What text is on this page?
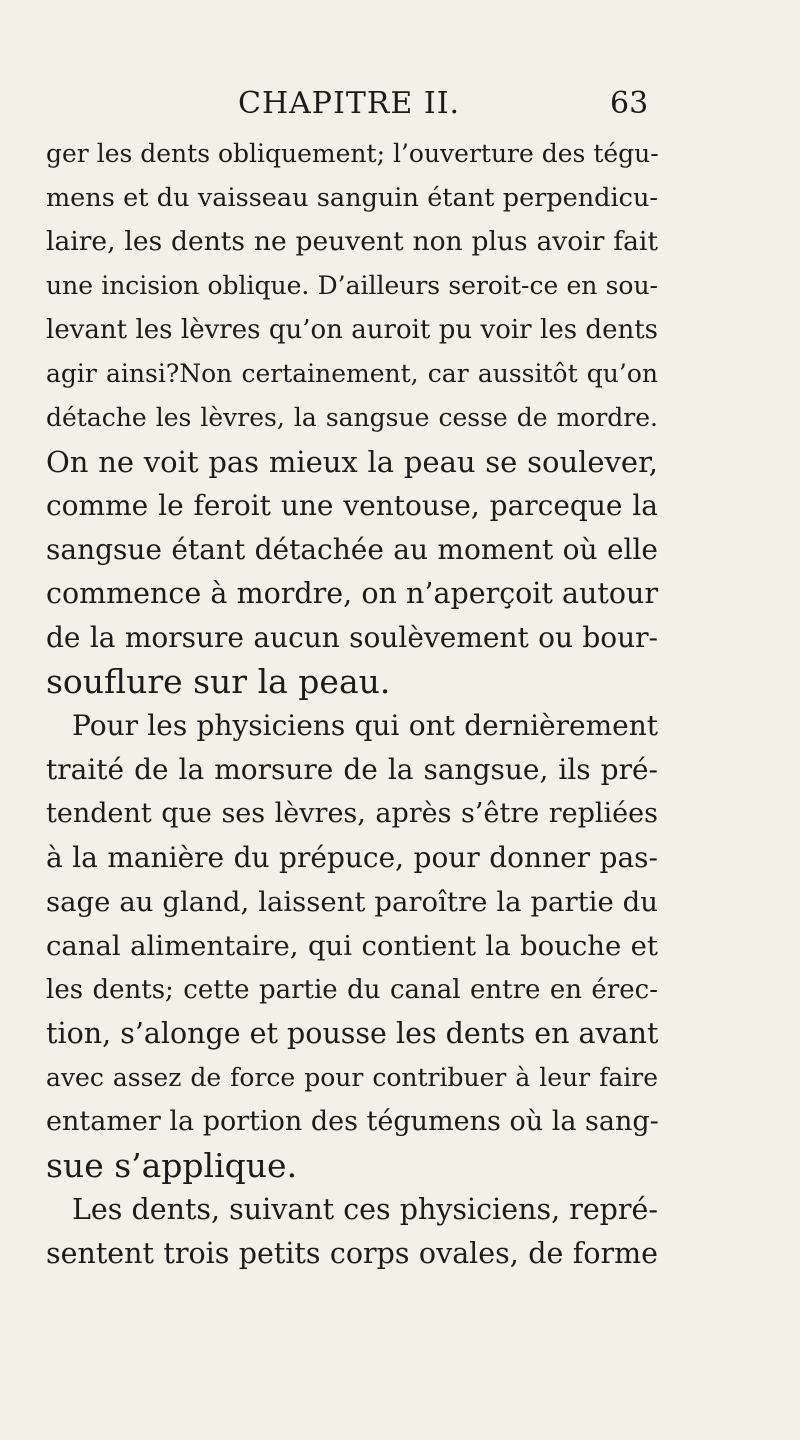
CHAPITRE II.	63
ger les dents obliquement; l’ouverture des tégu-
mens et du vaisseau sanguin étant perpendicu-
laire, les dents ne peuvent non plus avoir fait
une incision oblique. D’ailleurs seroit-ce en sou-
levant les lèvres qu’on auroit pu voir les dents
agir ainsi?Non certainement, car aussitôt qu’on
détache les lèvres, la sangsue cesse de mordre.
On ne voit pas mieux la peau se soulever,
comme le feroit une ventouse, parceque la
sangsue étant détachée au moment où elle
commence à mordre, on n’aperçoit autour
de la morsure aucun soulèvement ou bour-
souflure sur la peau.
Pour les physiciens qui ont dernièrement
traité de la morsure de la sangsue, ils pré-
tendent que ses lèvres, après s’être repliées
à la manière du prépuce, pour donner pas-
sage au gland, laissent paroître la partie du
canal alimentaire, qui contient la bouche et
les dents; cette partie du canal entre en érec-
tion, s’alonge et pousse les dents en avant
avec assez de force pour contribuer à leur faire
entamer la portion des tégumens où la sang-
sue s’applique.
Les dents, suivant ces physiciens, repré-
sentent trois petits corps ovales, de forme
